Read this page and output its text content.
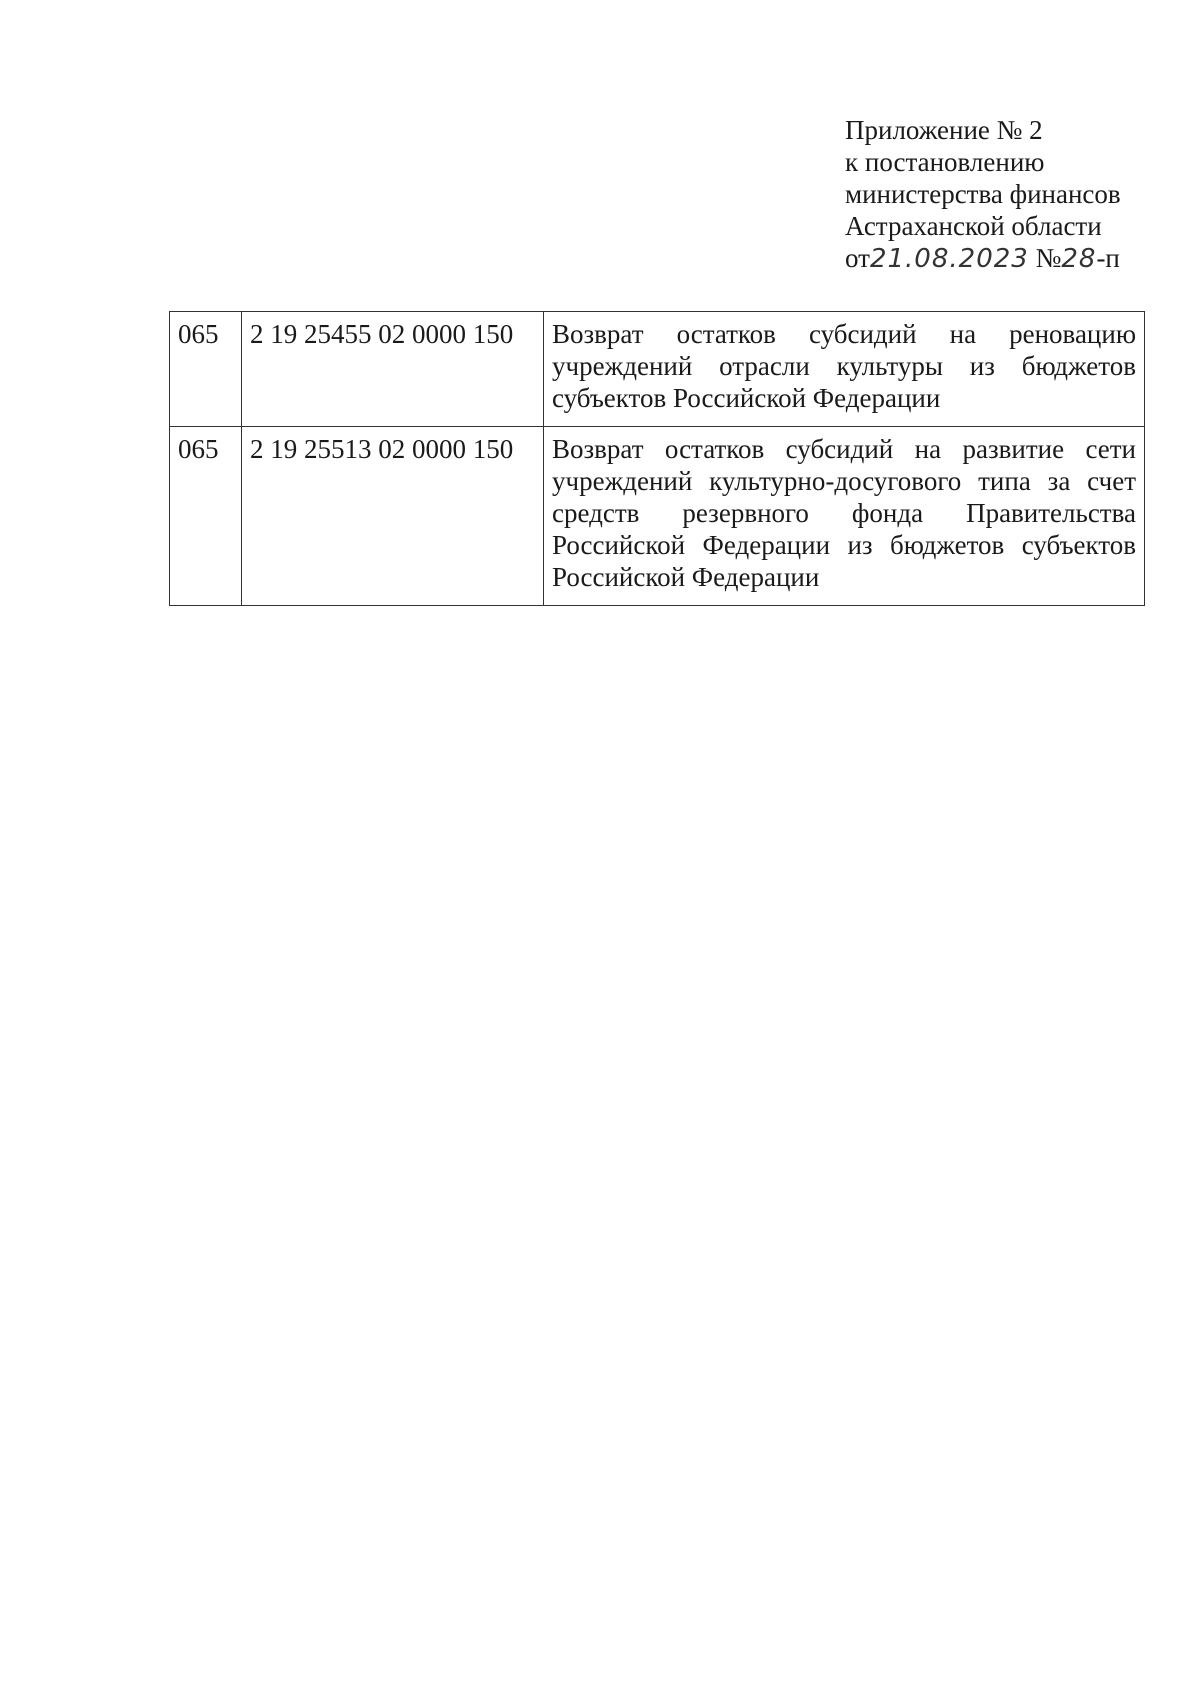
Приложение № 2
к постановлению
министерства финансов
Астраханской области
от21.08.2023 №28-п
065	2 19 25455 02 0000 150	Возврат остатков субсидий на реновацию учреждений отрасли культуры из бюджетов субъектов Российской Федерации
065	2 19 25513 02 0000 150	Возврат остатков субсидий на развитие сети учреждений культурно-досугового типа за счет средств резервного фонда Правительства Российской Федерации из бюджетов субъектов Российской Федерации
